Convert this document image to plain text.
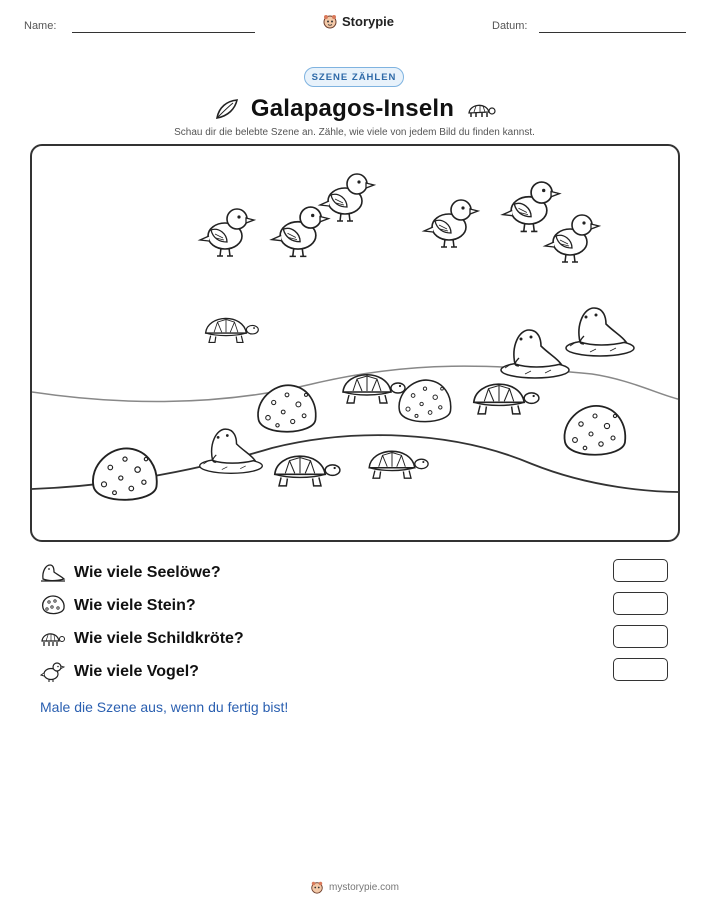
Name:	Storypie	Datum:
SZENE ZÄHLEN
Galapagos-Inseln
Schau dir die belebte Szene an. Zähle, wie viele von jedem Bild du finden kannst.
Wie viele Seelöwe?
Wie viele Stein?
Wie viele Schildkröte?
Wie viele Vogel?
Male die Szene aus, wenn du fertig bist!
mystorypie.com
